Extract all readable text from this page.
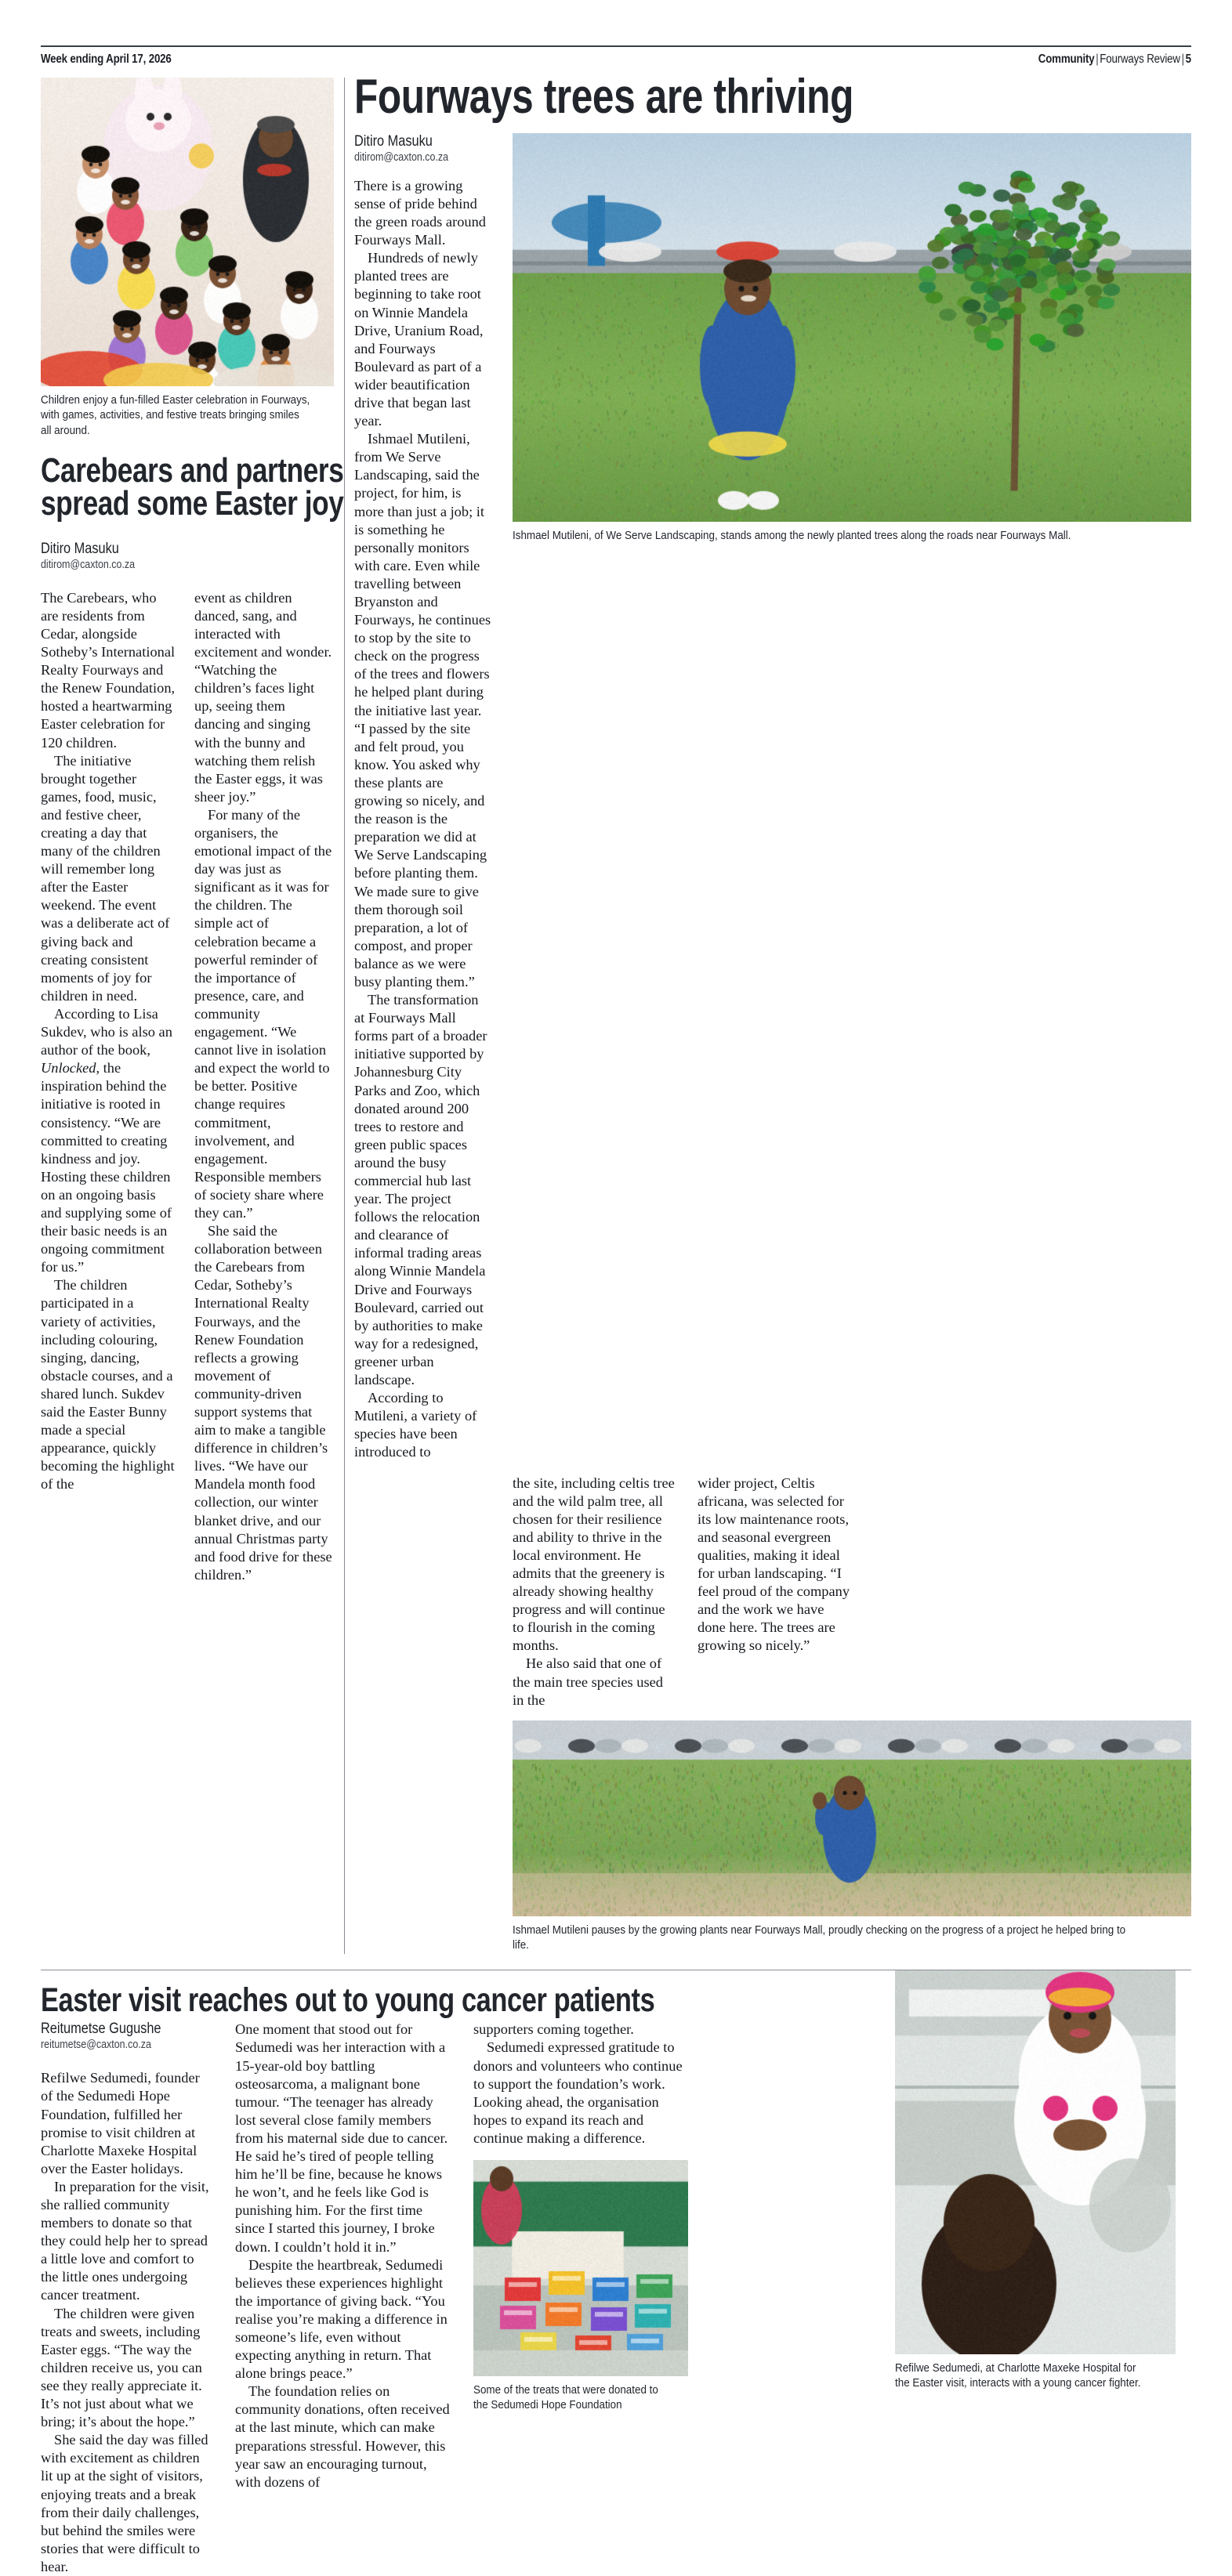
Week ending April 17, 2026	Community | Fourways Review | 5
Children enjoy a fun-filled Easter celebration in Fourways, with games, activities, and festive treats bringing smiles all around.
Carebears and partners
spread some Easter joy
Ditiro Masuku
ditirom@caxton.co.za

The Carebears, who are residents from Cedar, alongside Sotheby’s International Realty Fourways and the Renew Foundation, hosted a heartwarming Easter celebration for 120 children.

The initiative brought together games, food, music, and festive cheer, creating a day that many of the children will remember long after the Easter weekend. The event was a deliberate act of giving back and creating consistent moments of joy for children in need.

According to Lisa Sukdev, who is also an author of the book, Unlocked, the inspiration behind the initiative is rooted in consistency. “We are committed to creating kindness and joy. Hosting these children on an ongoing basis and supplying some of their basic needs is an ongoing commitment for us.”

The children participated in a variety of activities, including colouring, singing, dancing, obstacle courses, and a shared lunch. Sukdev said the Easter Bunny made a special appearance, quickly becoming the highlight of the

event as children danced, sang, and interacted with excitement and wonder. “Watching the children’s faces light up, seeing them dancing and singing with the bunny and watching them relish the Easter eggs, it was sheer joy.”

For many of the organisers, the emotional impact of the day was just as significant as it was for the children. The simple act of celebration became a powerful reminder of the importance of presence, care, and community engagement. “We cannot live in isolation and expect the world to be better. Positive change requires commitment, involvement, and engagement. Responsible members of society share where they can.”

She said the collaboration between the Carebears from Cedar, Sotheby’s International Realty Fourways, and the Renew Foundation reflects a growing movement of community-driven support systems that aim to make a tangible difference in children’s lives. “We have our Mandela month food collection, our winter blanket drive, and our annual Christmas party and food drive for these children.”

Fourways trees are thriving
Ditiro Masuku
ditirom@caxton.co.za

There is a growing sense of pride behind the green roads around Fourways Mall.

Hundreds of newly planted trees are beginning to take root on Winnie Mandela Drive, Uranium Road, and Fourways Boulevard as part of a wider beautification drive that began last year.

Ishmael Mutileni, from We Serve Landscaping, said the project, for him, is more than just a job; it is something he personally monitors with care. Even while travelling between Bryanston and Fourways, he continues to stop by the site to check on the progress of the trees and flowers he helped plant during the initiative last year. “I passed by the site and felt proud, you know. You asked why these plants are growing so nicely, and the reason is the preparation we did at We Serve Landscaping before planting them. We made sure to give them thorough soil preparation, a lot of compost, and proper balance as we were busy planting them.”

The transformation at Fourways Mall forms part of a broader initiative supported by Johannesburg City Parks and Zoo, which donated around 200 trees to restore and green public spaces around the busy commercial hub last year. The project follows the relocation and clearance of informal trading areas along Winnie Mandela Drive and Fourways Boulevard, carried out by authorities to make way for a redesigned, greener urban landscape.

According to Mutileni, a variety of species have been introduced to

Ishmael Mutileni, of We Serve Landscaping, stands among the newly planted trees along the roads near Fourways Mall.

the site, including celtis tree and the wild palm tree, all chosen for their resilience and ability to thrive in the local environment. He admits that the greenery is already showing healthy progress and will continue to flourish in the coming months.

He also said that one of the main tree species used in the

wider project, Celtis africana, was selected for its low maintenance roots, and seasonal evergreen qualities, making it ideal for urban landscaping. “I feel proud of the company and the work we have done here. The trees are growing so nicely.”

Ishmael Mutileni pauses by the growing plants near Fourways Mall, proudly checking on the progress of a project he helped bring to life.
Easter visit reaches out to young cancer patients
Reitumetse Gugushe
reitumetse@caxton.co.za

Refilwe Sedumedi, founder of the Sedumedi Hope Foundation, fulfilled her promise to visit children at Charlotte Maxeke Hospital over the Easter holidays.

In preparation for the visit, she rallied community members to donate so that they could help her to spread a little love and comfort to the little ones undergoing cancer treatment.

The children were given treats and sweets, including Easter eggs. “The way the children receive us, you can see they really appreciate it. It’s not just about what we bring; it’s about the hope.”

She said the day was filled with excitement as children lit up at the sight of visitors, enjoying treats and a break from their daily challenges, but behind the smiles were stories that were difficult to hear.

One moment that stood out for Sedumedi was her interaction with a 15-year-old boy battling osteosarcoma, a malignant bone tumour. “The teenager has already lost several close family members from his maternal side due to cancer. He said he’s tired of people telling him he’ll be fine, because he knows he won’t, and he feels like God is punishing him. For the first time since I started this journey, I broke down. I couldn’t hold it in.”

Despite the heartbreak, Sedumedi believes these experiences highlight the importance of giving back. “You realise you’re making a difference in someone’s life, even without expecting anything in return. That alone brings peace.”

The foundation relies on community donations, often received at the last minute, which can make preparations stressful. However, this year saw an encouraging turnout, with dozens of

supporters coming together.

Sedumedi expressed gratitude to donors and volunteers who continue to support the foundation’s work. Looking ahead, the organisation hopes to expand its reach and continue making a difference.

Some of the treats that were donated to the Sedumedi Hope Foundation
Refilwe Sedumedi, at Charlotte Maxeke Hospital for the Easter visit, interacts with a young cancer fighter.
